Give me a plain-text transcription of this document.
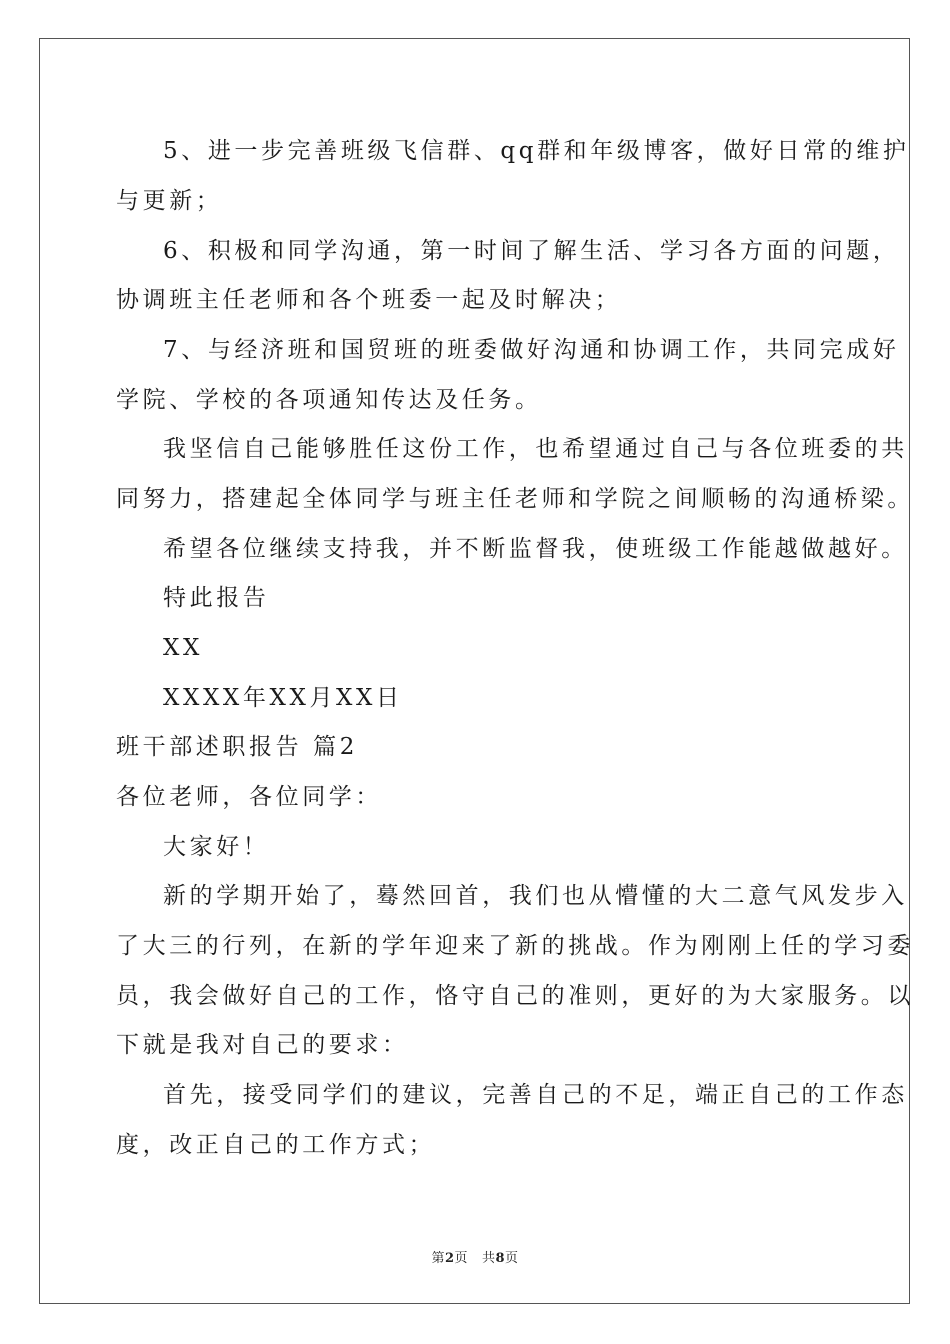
5、进一步完善班级飞信群、qq群和年级博客，做好日常的维护
与更新；
6、积极和同学沟通，第一时间了解生活、学习各方面的问题，
协调班主任老师和各个班委一起及时解决；
7、与经济班和国贸班的班委做好沟通和协调工作，共同完成好
学院、学校的各项通知传达及任务。
我坚信自己能够胜任这份工作，也希望通过自己与各位班委的共
同努力，搭建起全体同学与班主任老师和学院之间顺畅的沟通桥梁。
希望各位继续支持我，并不断监督我，使班级工作能越做越好。
特此报告
XX
XXXX年XX月XX日
班干部述职报告 篇2
各位老师，各位同学：
大家好！
新的学期开始了，蓦然回首，我们也从懵懂的大二意气风发步入
了大三的行列，在新的学年迎来了新的挑战。作为刚刚上任的学习委
员，我会做好自己的工作，恪守自己的准则，更好的为大家服务。以
下就是我对自己的要求：
首先，接受同学们的建议，完善自己的不足，端正自己的工作态
度，改正自己的工作方式；
第2页   共8页
